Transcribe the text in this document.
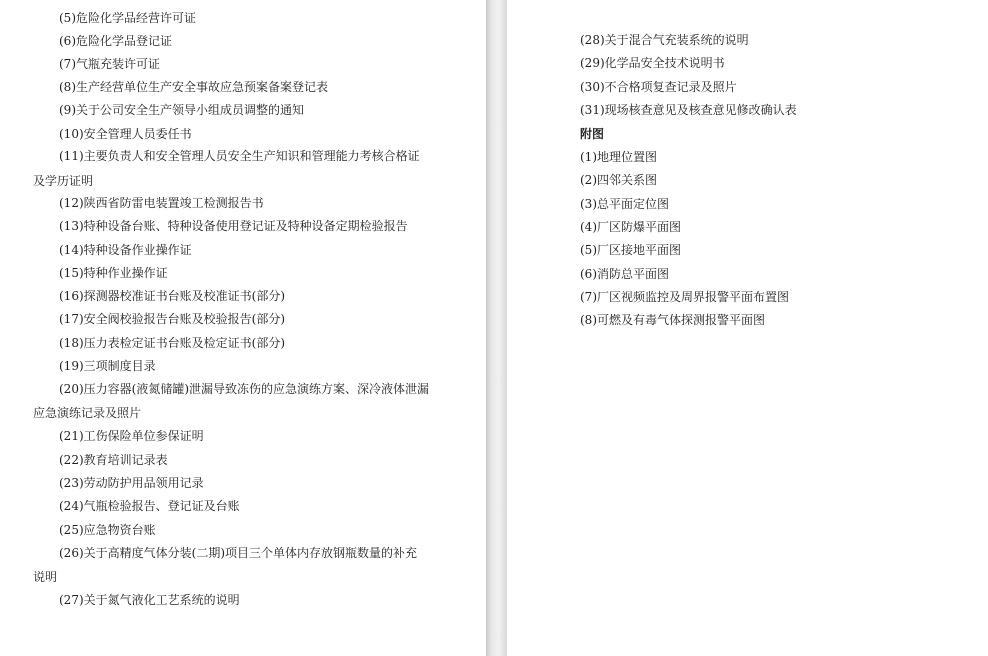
(5)危险化学品经营许可证
(6)危险化学品登记证
(7)气瓶充装许可证
(8)生产经营单位生产安全事故应急预案备案登记表
(9)关于公司安全生产领导小组成员调整的通知
(10)安全管理人员委任书
(11)主要负责人和安全管理人员安全生产知识和管理能力考核合格证
及学历证明
(12)陕西省防雷电装置竣工检测报告书
(13)特种设备台账、特种设备使用登记证及特种设备定期检验报告
(14)特种设备作业操作证
(15)特种作业操作证
(16)探测器校准证书台账及校准证书(部分)
(17)安全阀校验报告台账及校验报告(部分)
(18)压力表检定证书台账及检定证书(部分)
(19)三项制度目录
(20)压力容器(液氮储罐)泄漏导致冻伤的应急演练方案、深冷液体泄漏
应急演练记录及照片
(21)工伤保险单位参保证明
(22)教育培训记录表
(23)劳动防护用品领用记录
(24)气瓶检验报告、登记证及台账
(25)应急物资台账
(26)关于高精度气体分装(二期)项目三个单体内存放钢瓶数量的补充
说明
(27)关于氮气液化工艺系统的说明
(28)关于混合气充装系统的说明
(29)化学品安全技术说明书
(30)不合格项复查记录及照片
(31)现场核查意见及核查意见修改确认表
附图
(1)地理位置图
(2)四邻关系图
(3)总平面定位图
(4)厂区防爆平面图
(5)厂区接地平面图
(6)消防总平面图
(7)厂区视频监控及周界报警平面布置图
(8)可燃及有毒气体探测报警平面图
